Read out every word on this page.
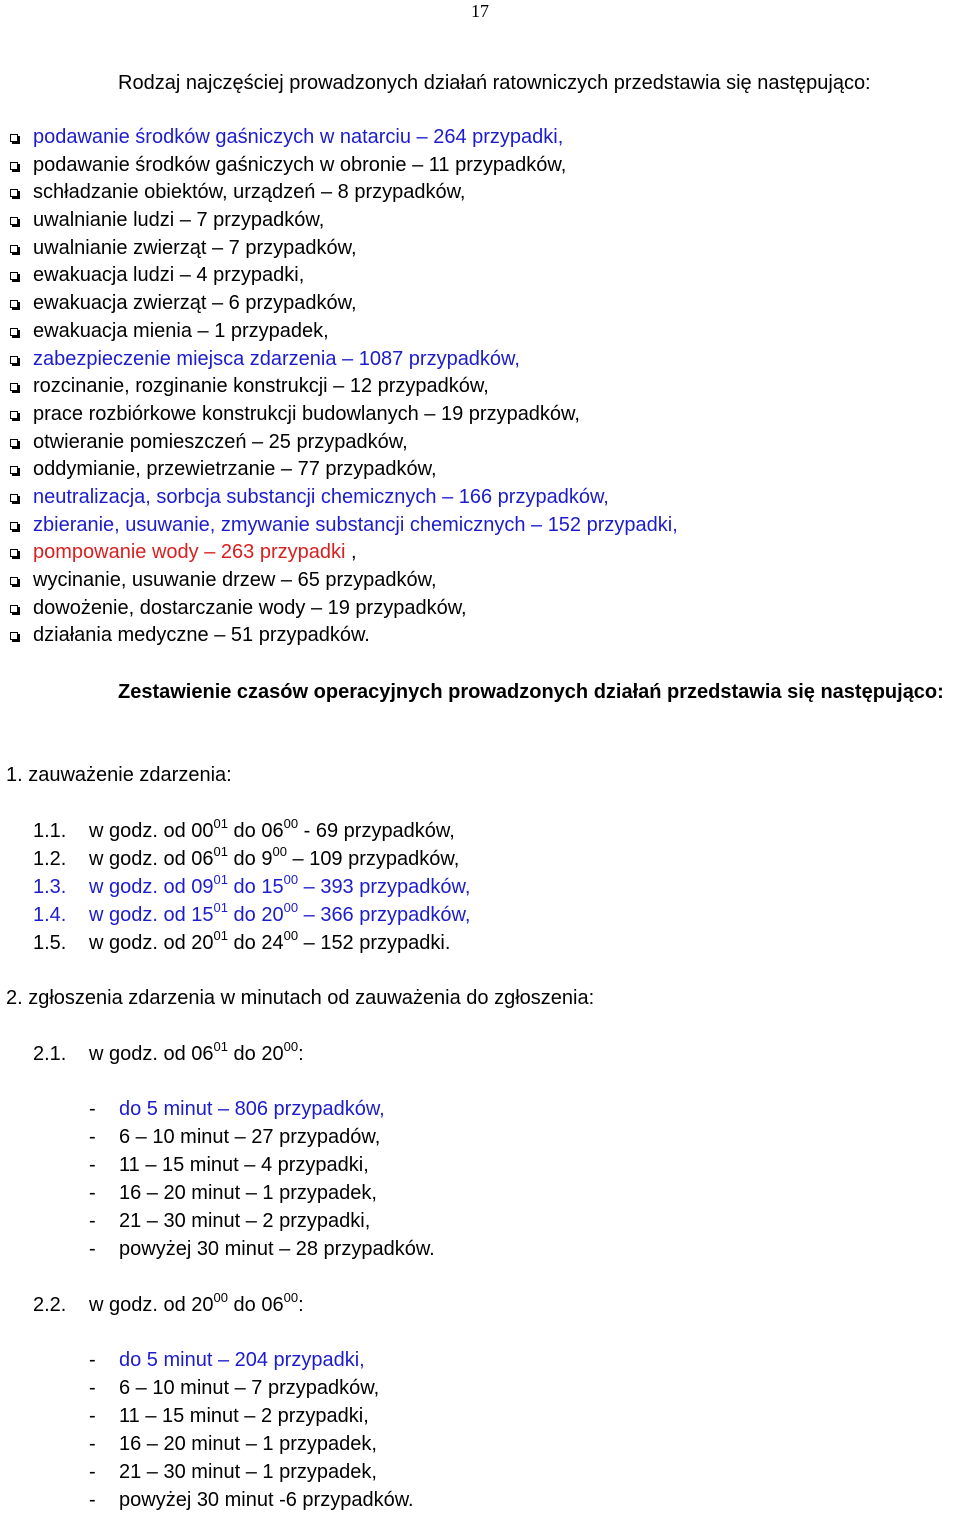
17

Rodzaj najczęściej prowadzonych działań ratowniczych przedstawia się następująco:

podawanie środków gaśniczych w natarciu – 264 przypadki,
podawanie środków gaśniczych w obronie – 11 przypadków,
schładzanie obiektów, urządzeń – 8 przypadków,
uwalnianie ludzi – 7 przypadków,
uwalnianie zwierząt – 7 przypadków,
ewakuacja ludzi – 4 przypadki,
ewakuacja zwierząt – 6 przypadków,
ewakuacja mienia – 1 przypadek,
zabezpieczenie miejsca zdarzenia – 1087 przypadków,
rozcinanie, rozginanie konstrukcji – 12 przypadków,
prace rozbiórkowe konstrukcji budowlanych – 19 przypadków,
otwieranie pomieszczeń – 25 przypadków,
oddymianie, przewietrzanie – 77 przypadków,
neutralizacja, sorbcja substancji chemicznych – 166 przypadków,
zbieranie, usuwanie, zmywanie substancji chemicznych – 152 przypadki,
pompowanie wody – 263 przypadki ,
wycinanie, usuwanie drzew – 65 przypadków,
dowożenie, dostarczanie wody – 19 przypadków,
działania medyczne – 51 przypadków.

Zestawienie czasów operacyjnych prowadzonych działań przedstawia się następująco:

1. zauważenie zdarzenia:
1.1. w godz. od $00^{01}$ do $06^{00} - 69$ przypadków,
1.2. w godz. od $06^{01}$ do $9^{00} - 109$ przypadków,
1.3. w godz. od $09^{01}$ do $15^{00} - 393$ przypadków,
1.4. w godz. od $15^{01}$ do $20^{00} - 366$ przypadków,
1.5. w godz. od $20^{01}$ do $24^{00} - 152$ przypadki.
2. zgłoszenia zdarzenia w minutach od zauważenia do zgłoszenia:
2.1. w godz. od $06^{01}$ do $20^{00}$:
- do 5 minut – 806 przypadków,
- 6 – 10 minut – 27 przypadów,
- 11 – 15 minut – 4 przypadki,
- 16 – 20 minut – 1 przypadek,
- 21 – 30 minut – 2 przypadki,
- powyżej 30 minut – 28 przypadków.
2.2. w godz. od $20^{00}$ do $06^{00}$:
- do 5 minut – 204 przypadki,
- 6 – 10 minut – 7 przypadków,
- 11 – 15 minut – 2 przypadki,
- 16 – 20 minut – 1 przypadek,
- 21 – 30 minut – 1 przypadek,
- powyżej 30 minut -6 przypadków.
